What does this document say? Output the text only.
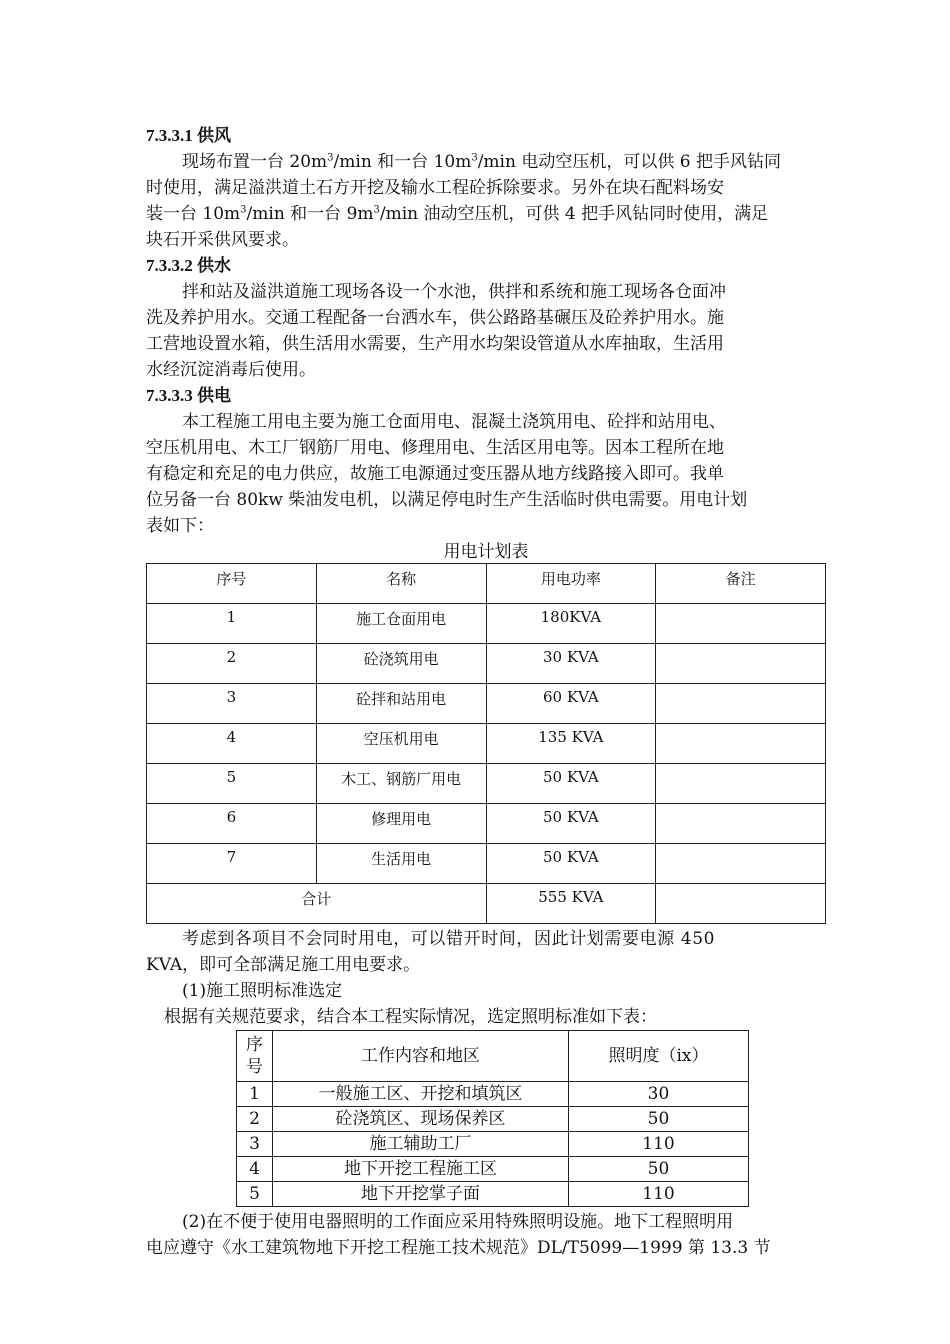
7.3.3.1 供风
现场布置一台 $20m^3/\min$ 和一台 $10m^3/\min$ 电动空压机，可以供 6 把手风钻同
时使用，满足溢洪道土石方开挖及输水工程砼拆除要求。另外在块石配料场安
装一台 $10m^3/\min$ 和一台 $9m^3/\min$ 油动空压机，可供 4 把手风钻同时使用，满足
块石开采供风要求。
7.3.3.2 供水
拌和站及溢洪道施工现场各设一个水池，供拌和系统和施工现场各仓面冲
洗及养护用水。交通工程配备一台洒水车，供公路路基碾压及砼养护用水。施
工营地设置水箱，供生活用水需要，生产用水均架设管道从水库抽取，生活用
水经沉淀消毒后使用。
7.3.3.3 供电
本工程施工用电主要为施工仓面用电、混凝土浇筑用电、砼拌和站用电、
空压机用电、木工厂钢筋厂用电、修理用电、生活区用电等。因本工程所在地
有稳定和充足的电力供应，故施工电源通过变压器从地方线路接入即可。我单
位另备一台 80kw 柴油发电机，以满足停电时生产生活临时供电需要。用电计划
表如下：
用电计划表
序号	名称	用电功率	备注
1	施工仓面用电	180KVA	
2	砼浇筑用电	30 KVA	
3	砼拌和站用电	60 KVA	
4	空压机用电	135 KVA	
5	木工、钢筋厂用电	50 KVA	
6	修理用电	50 KVA	
7	生活用电	50 KVA	
合计		555 KVA	
考虑到各项目不会同时用电，可以错开时间，因此计划需要电源 450
KVA，即可全部满足施工用电要求。
(1)施工照明标准选定
根据有关规范要求，结合本工程实际情况，选定照明标准如下表：
序号	工作内容和地区	照明度（ix）
1	一般施工区、开挖和填筑区	30
2	砼浇筑区、现场保养区	50
3	施工辅助工厂	110
4	地下开挖工程施工区	50
5	地下开挖掌子面	110
(2)在不便于使用电器照明的工作面应采用特殊照明设施。地下工程照明用
电应遵守《水工建筑物地下开挖工程施工技术规范》DL/T5099—1999 第 13.3 节
